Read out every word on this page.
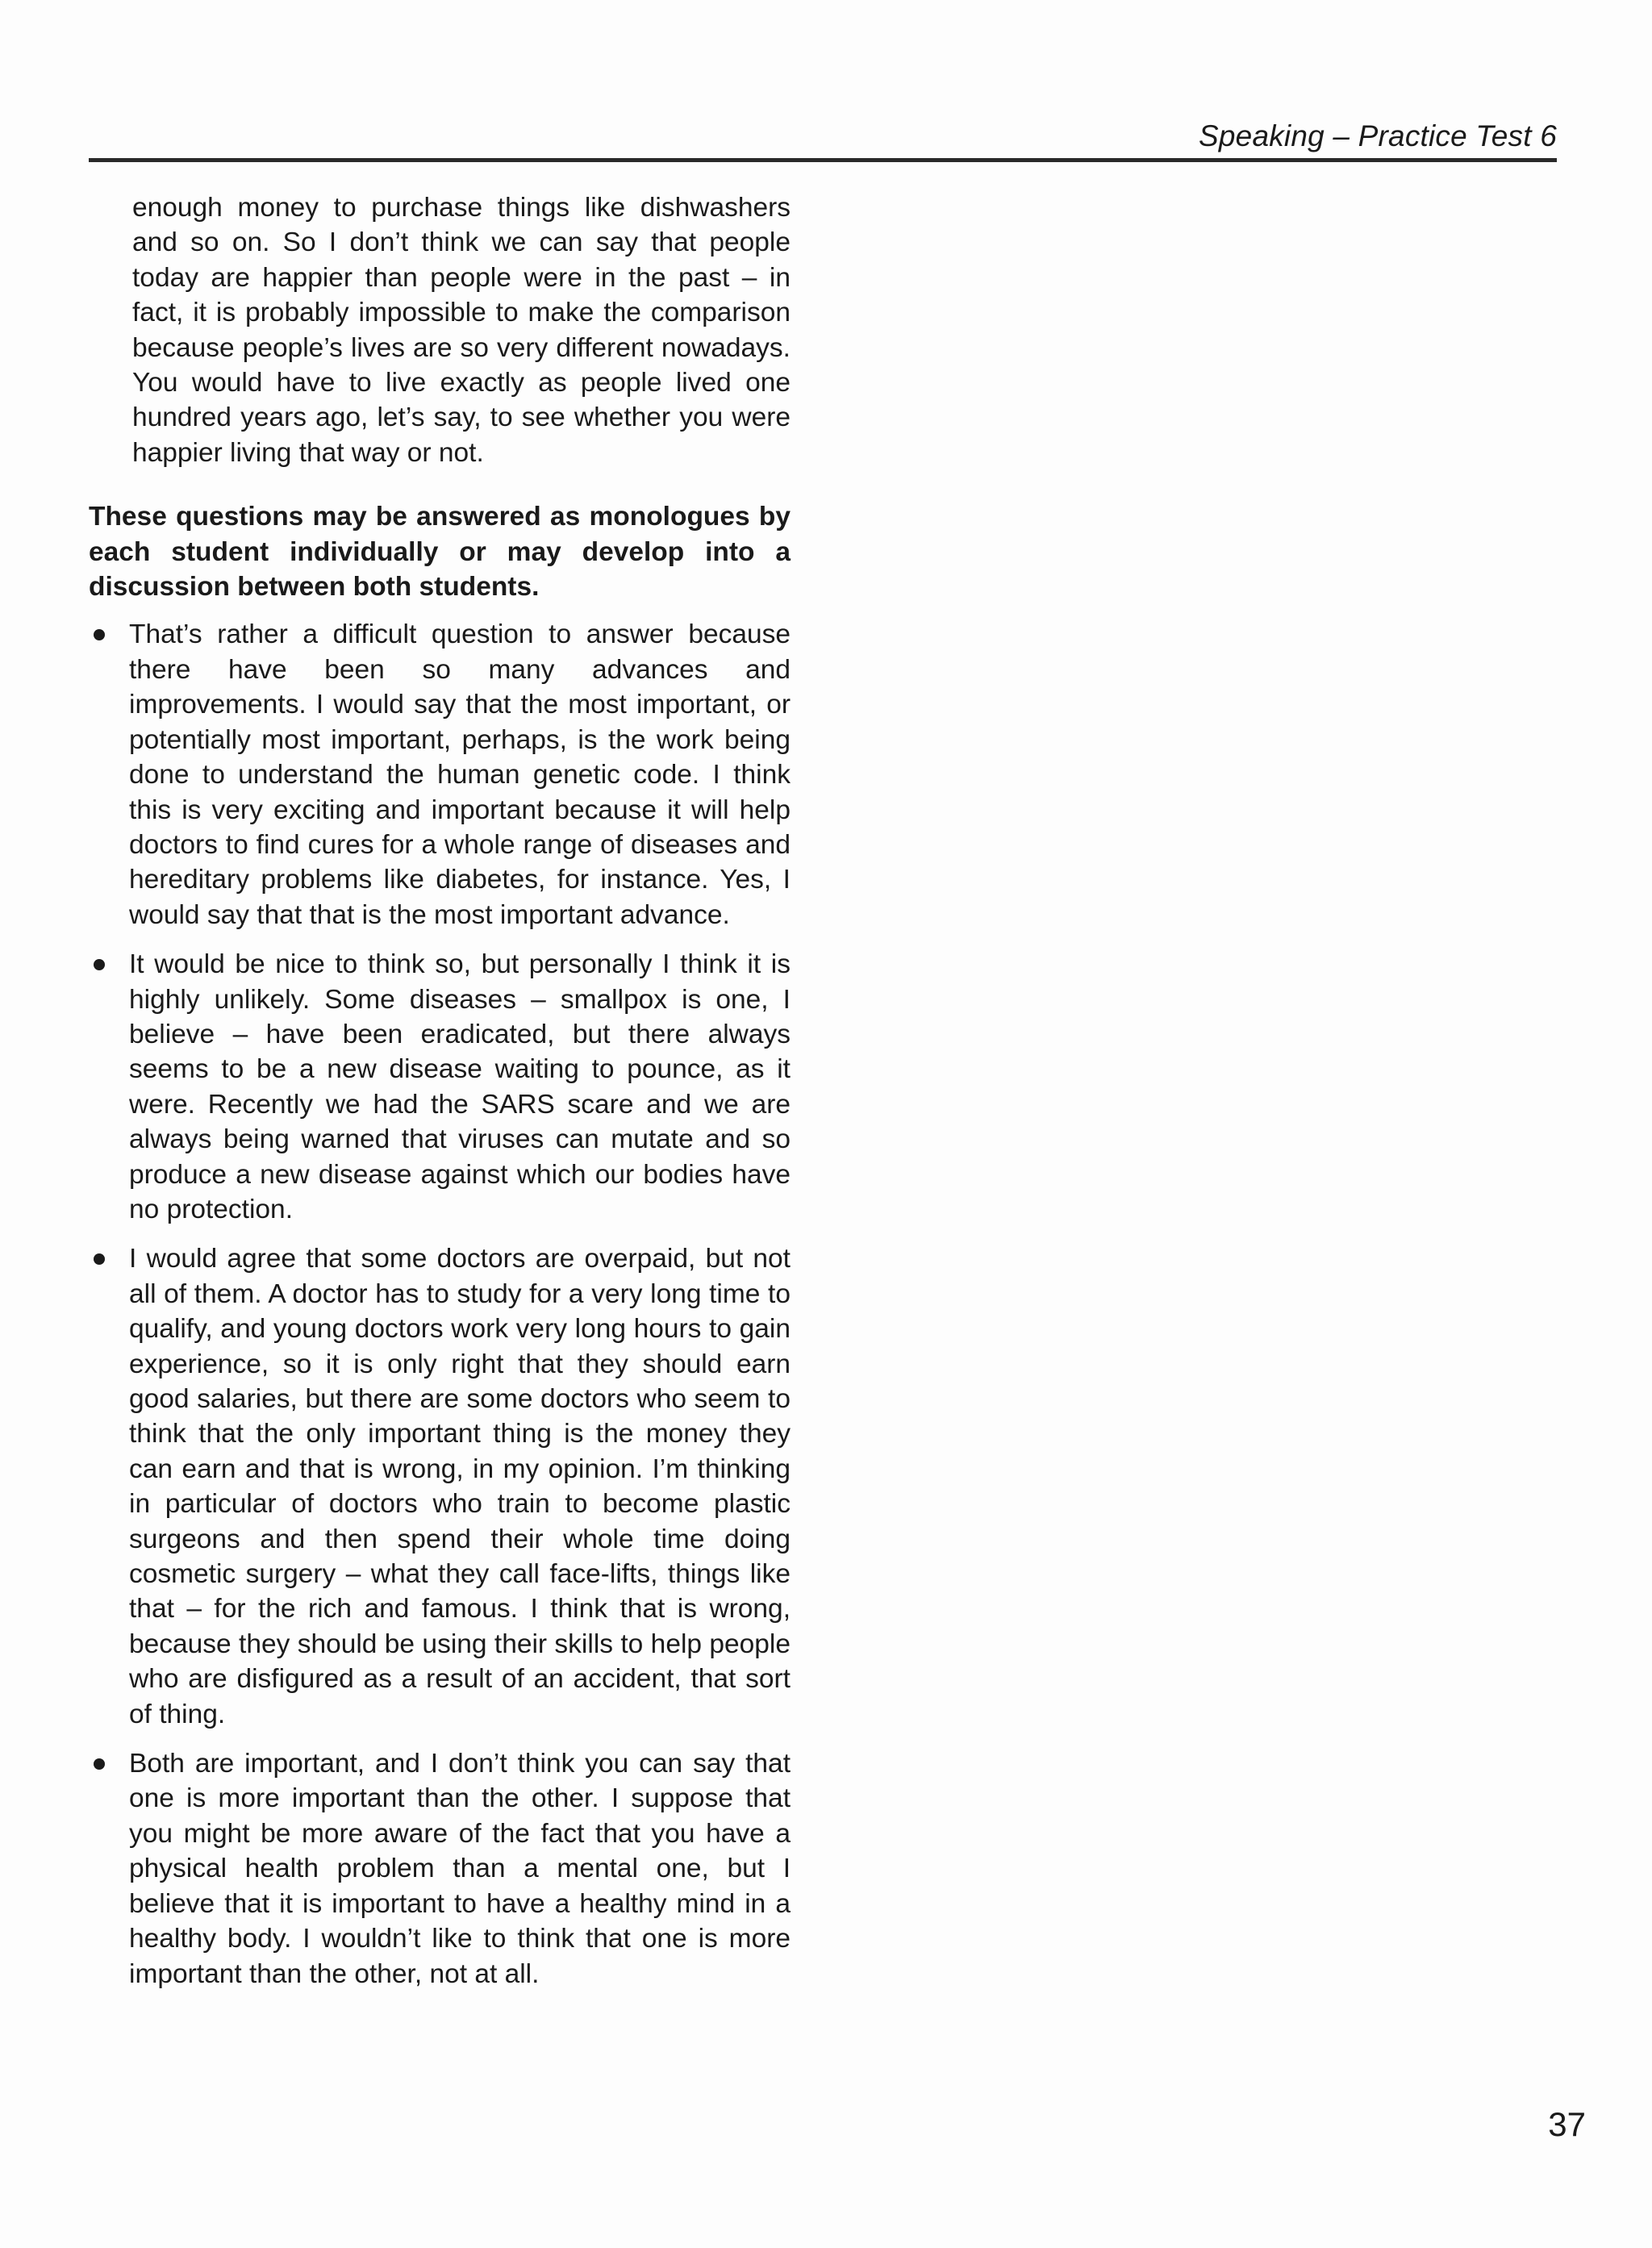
Speaking – Practice Test 6

enough money to purchase things like dishwashers and so on. So I don’t think we can say that people today are happier than people were in the past – in fact, it is probably impossible to make the comparison because people’s lives are so very different nowadays. You would have to live exactly as people lived one hundred years ago, let’s say, to see whether you were happier living that way or not.

These questions may be answered as monologues by each student individually or may develop into a discussion between both students.

That’s rather a difficult question to answer because there have been so many advances and improvements. I would say that the most important, or potentially most important, perhaps, is the work being done to understand the human genetic code. I think this is very exciting and important because it will help doctors to find cures for a whole range of diseases and hereditary problems like diabetes, for instance. Yes, I would say that that is the most important advance.

It would be nice to think so, but personally I think it is highly unlikely. Some diseases – smallpox is one, I believe – have been eradicated, but there always seems to be a new disease waiting to pounce, as it were. Recently we had the SARS scare and we are always being warned that viruses can mutate and so produce a new disease against which our bodies have no protection.

I would agree that some doctors are overpaid, but not all of them. A doctor has to study for a very long time to qualify, and young doctors work very long hours to gain experience, so it is only right that they should earn good salaries, but there are some doctors who seem to think that the only important thing is the money they can earn and that is wrong, in my opinion. I’m thinking in particular of doctors who train to become plastic surgeons and then spend their whole time doing cosmetic surgery – what they call face-lifts, things like that – for the rich and famous. I think that is wrong, because they should be using their skills to help people who are disfigured as a result of an accident, that sort of thing.

Both are important, and I don’t think you can say that one is more important than the other. I suppose that you might be more aware of the fact that you have a physical health problem than a mental one, but I believe that it is important to have a healthy mind in a healthy body. I wouldn’t like to think that one is more important than the other, not at all.

37
